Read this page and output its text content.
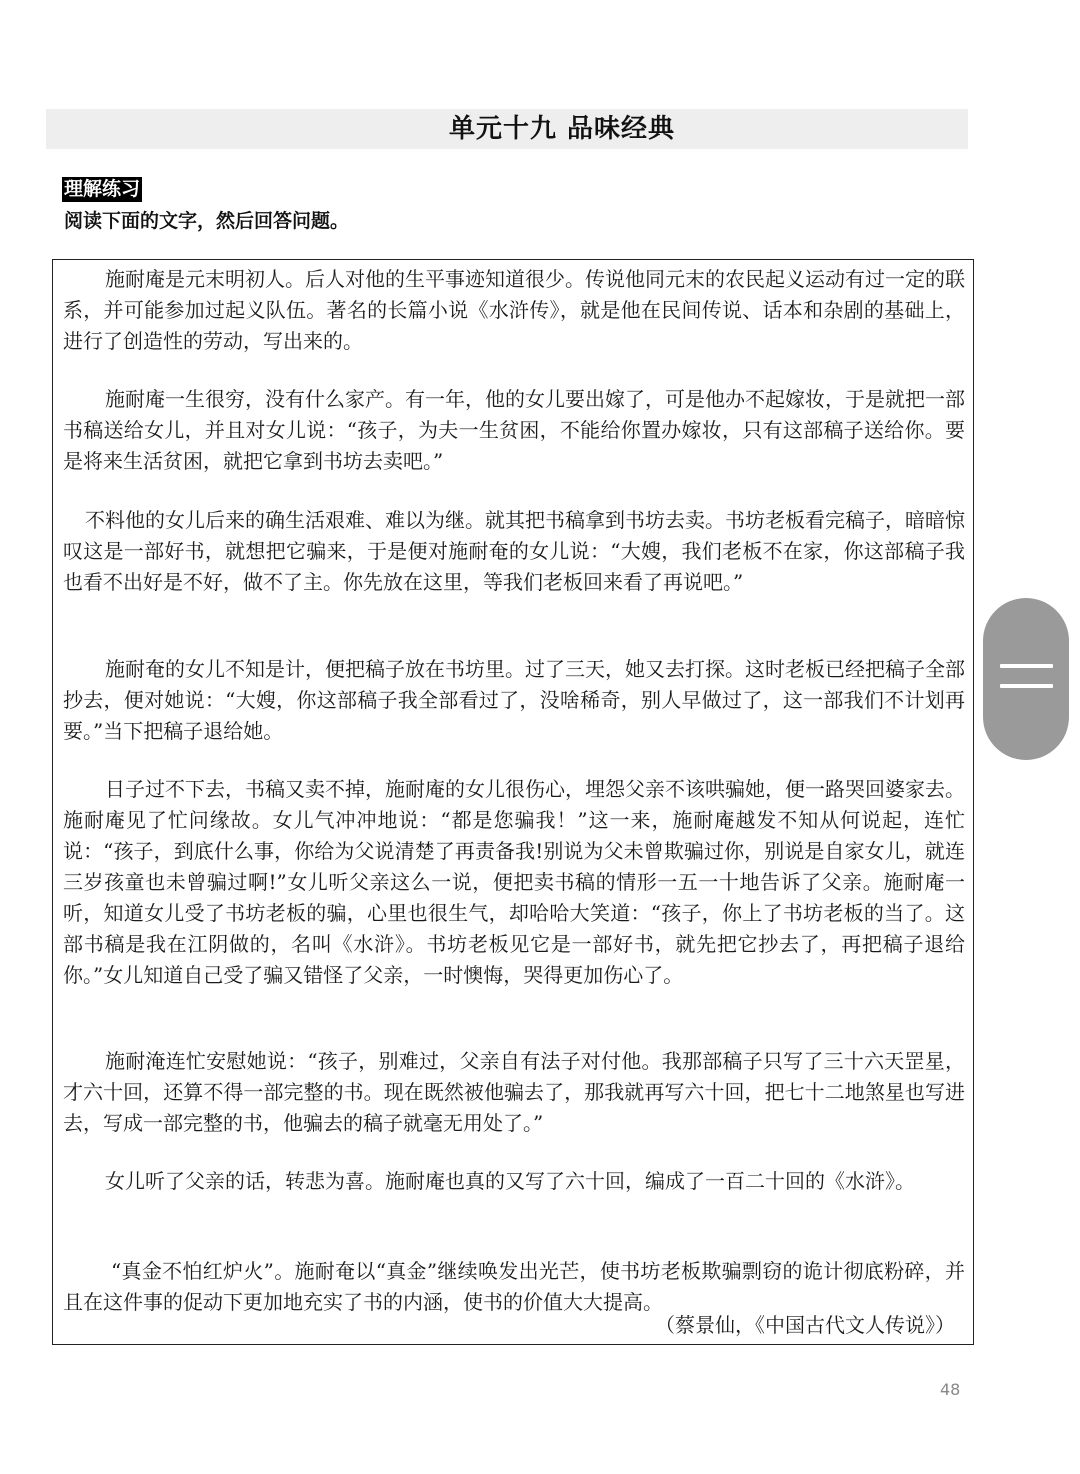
单元十九 品味经典
理解练习
阅读下面的文字，然后回答问题。

施耐庵是元末明初人。后人对他的生平事迹知道很少。传说他同元末的农民起义运动有过一定的联系，并可能参加过起义队伍。著名的长篇小说《水浒传》，就是他在民间传说、话本和杂剧的基础上，进行了创造性的劳动，写出来的。

施耐庵一生很穷，没有什么家产。有一年，他的女儿要出嫁了，可是他办不起嫁妆，于是就把一部书稿送给女儿，并且对女儿说：“孩子，为夫一生贫困，不能给你置办嫁妆，只有这部稿子送给你。要是将来生活贫困，就把它拿到书坊去卖吧。”

不料他的女儿后来的确生活艰难、难以为继。就其把书稿拿到书坊去卖。书坊老板看完稿子，暗暗惊叹这是一部好书，就想把它骗来，于是便对施耐奄的女儿说：“大嫂，我们老板不在家，你这部稿子我也看不出好是不好，做不了主。你先放在这里，等我们老板回来看了再说吧。”

施耐奄的女儿不知是计，便把稿子放在书坊里。过了三天，她又去打探。这时老板已经把稿子全部抄去，便对她说：“大嫂，你这部稿子我全部看过了，没啥稀奇，别人早做过了，这一部我们不计划再要。”当下把稿子退给她。

日子过不下去，书稿又卖不掉，施耐庵的女儿很伤心，埋怨父亲不该哄骗她，便一路哭回婆家去。施耐庵见了忙问缘故。女儿气冲冲地说：“都是您骗我！”这一来，施耐庵越发不知从何说起，连忙说：“孩子，到底什么事，你给为父说清楚了再责备我!别说为父未曾欺骗过你，别说是自家女儿，就连三岁孩童也未曾骗过啊!”女儿听父亲这么一说，便把卖书稿的情形一五一十地告诉了父亲。施耐庵一听，知道女儿受了书坊老板的骗，心里也很生气，却哈哈大笑道：“孩子，你上了书坊老板的当了。这部书稿是我在江阴做的，名叫《水浒》。书坊老板见它是一部好书，就先把它抄去了，再把稿子退给你。”女儿知道自己受了骗又错怪了父亲，一时懊悔，哭得更加伤心了。

施耐淹连忙安慰她说：“孩子，别难过，父亲自有法子对付他。我那部稿子只写了三十六天罡星，才六十回，还算不得一部完整的书。现在既然被他骗去了，那我就再写六十回，把七十二地煞星也写进去，写成一部完整的书，他骗去的稿子就毫无用处了。”

女儿听了父亲的话，转悲为喜。施耐庵也真的又写了六十回，编成了一百二十回的《水浒》。

“真金不怕红炉火”。施耐奄以“真金”继续唤发出光芒，使书坊老板欺骗剽窃的诡计彻底粉碎，并且在这件事的促动下更加地充实了书的内涵，使书的价值大大提高。

（蔡景仙，《中国古代文人传说》）
48
